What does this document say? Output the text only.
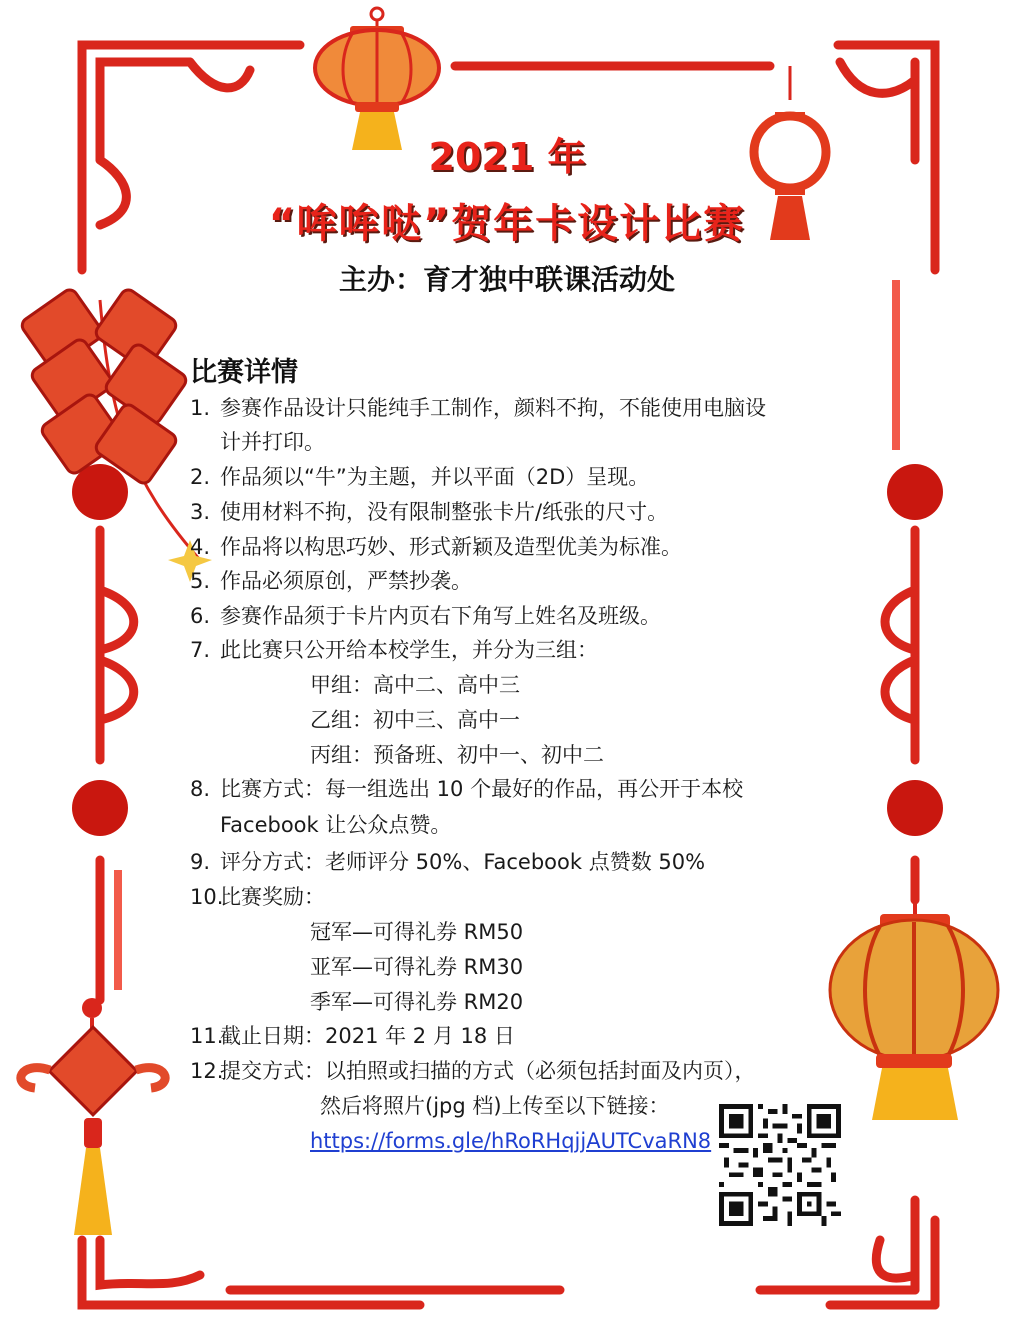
2021 年
“哞哞哒”贺年卡设计比赛
主办：育才独中联课活动处
比赛详情
1. 参赛作品设计只能纯手工制作，颜料不拘，不能使用电脑设
计并打印。
2. 作品须以“牛”为主题，并以平面（2D）呈现。
3. 使用材料不拘，没有限制整张卡片/纸张的尺寸。
4. 作品将以构思巧妙、形式新颖及造型优美为标准。
5. 作品必须原创，严禁抄袭。
6. 参赛作品须于卡片内页右下角写上姓名及班级。
7. 此比赛只公开给本校学生，并分为三组：
甲组：高中二、高中三
乙组：初中三、高中一
丙组：预备班、初中一、初中二
8. 比赛方式：每一组选出 10 个最好的作品，再公开于本校
Facebook 让公众点赞。
9. 评分方式：老师评分 50%、Facebook 点赞数 50%
10.
比赛奖励：
冠军—可得礼券 RM50
亚军—可得礼券 RM30
季军—可得礼券 RM20
11.
截止日期：2021 年 2 月 18 日
12.
提交方式：以拍照或扫描的方式（必须包括封面及内页），
然后将照片(jpg 档)上传至以下链接：
https://forms.gle/hRoRHqjjAUTCvaRN8
